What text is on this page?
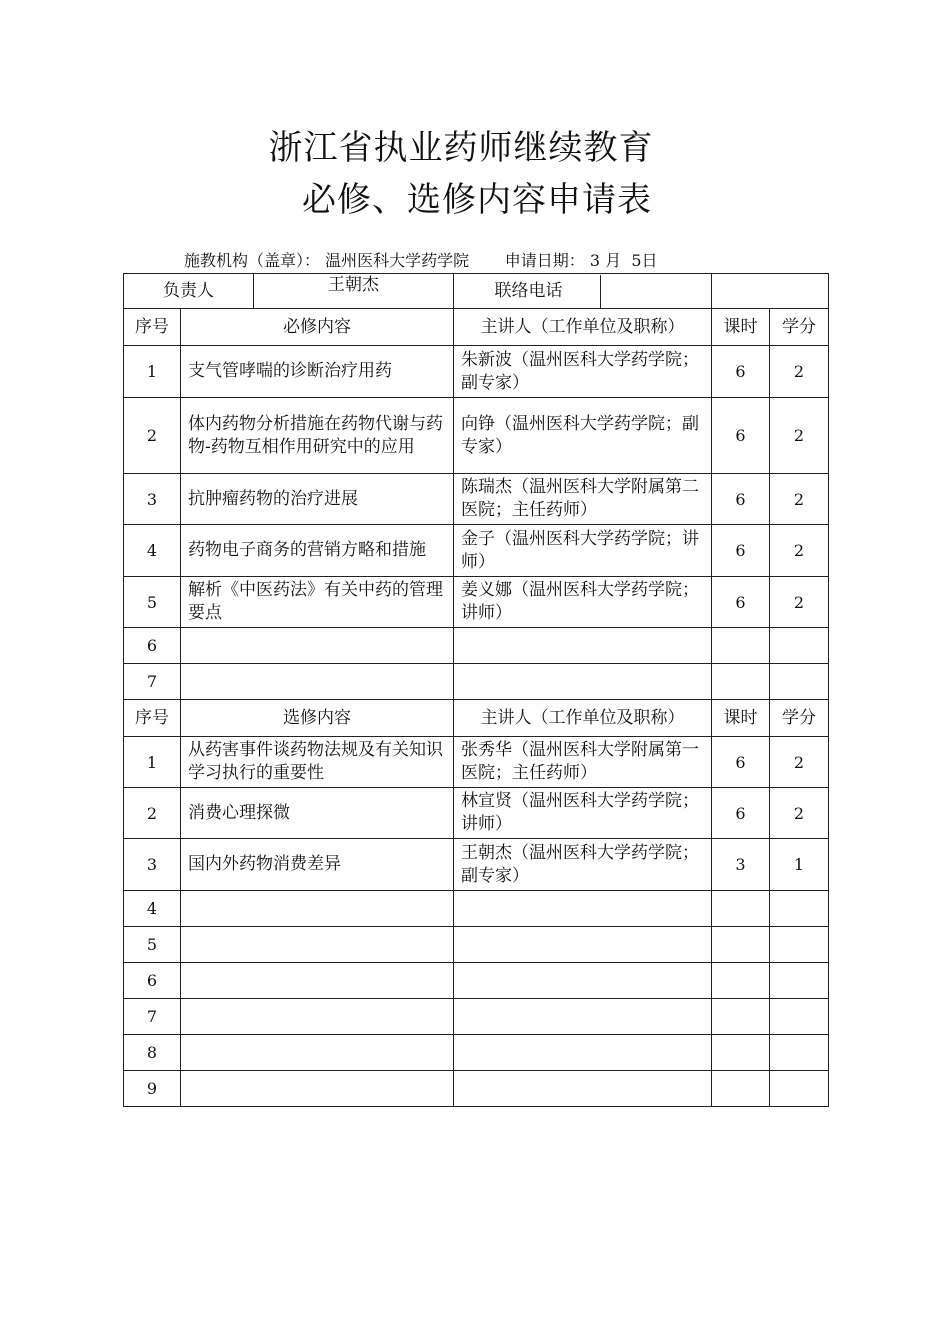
浙江省执业药师继续教育
必修、选修内容申请表
施教机构（盖章）： 温州医科大学药学院 申请日期： 3 月 5日
负责人		王朝杰	联络电话		
序号	必修内容		主讲人（工作单位及职称）	课时	学分
1	支气管哮喘的诊断治疗用药		朱新波（温州医科大学药学院；副专家）	6	2
2	体内药物分析措施在药物代谢与药物-药物互相作用研究中的应用		向铮（温州医科大学药学院；副专家）	6	2
3	抗肿瘤药物的治疗进展		陈瑞杰（温州医科大学附属第二医院；主任药师）	6	2
4	药物电子商务的营销方略和措施		金子（温州医科大学药学院；讲师）	6	2
5	解析《中医药法》有关中药的管理要点		姜义娜（温州医科大学药学院；讲师）	6	2
6					
7					
序号	选修内容		主讲人（工作单位及职称）	课时	学分
1	从药害事件谈药物法规及有关知识学习执行的重要性		张秀华（温州医科大学附属第一医院；主任药师）	6	2
2	消费心理探微		林宣贤（温州医科大学药学院；讲师）	6	2
3	国内外药物消费差异		王朝杰（温州医科大学药学院；副专家）	3	1
4					
5					
6					
7					
8					
9					
